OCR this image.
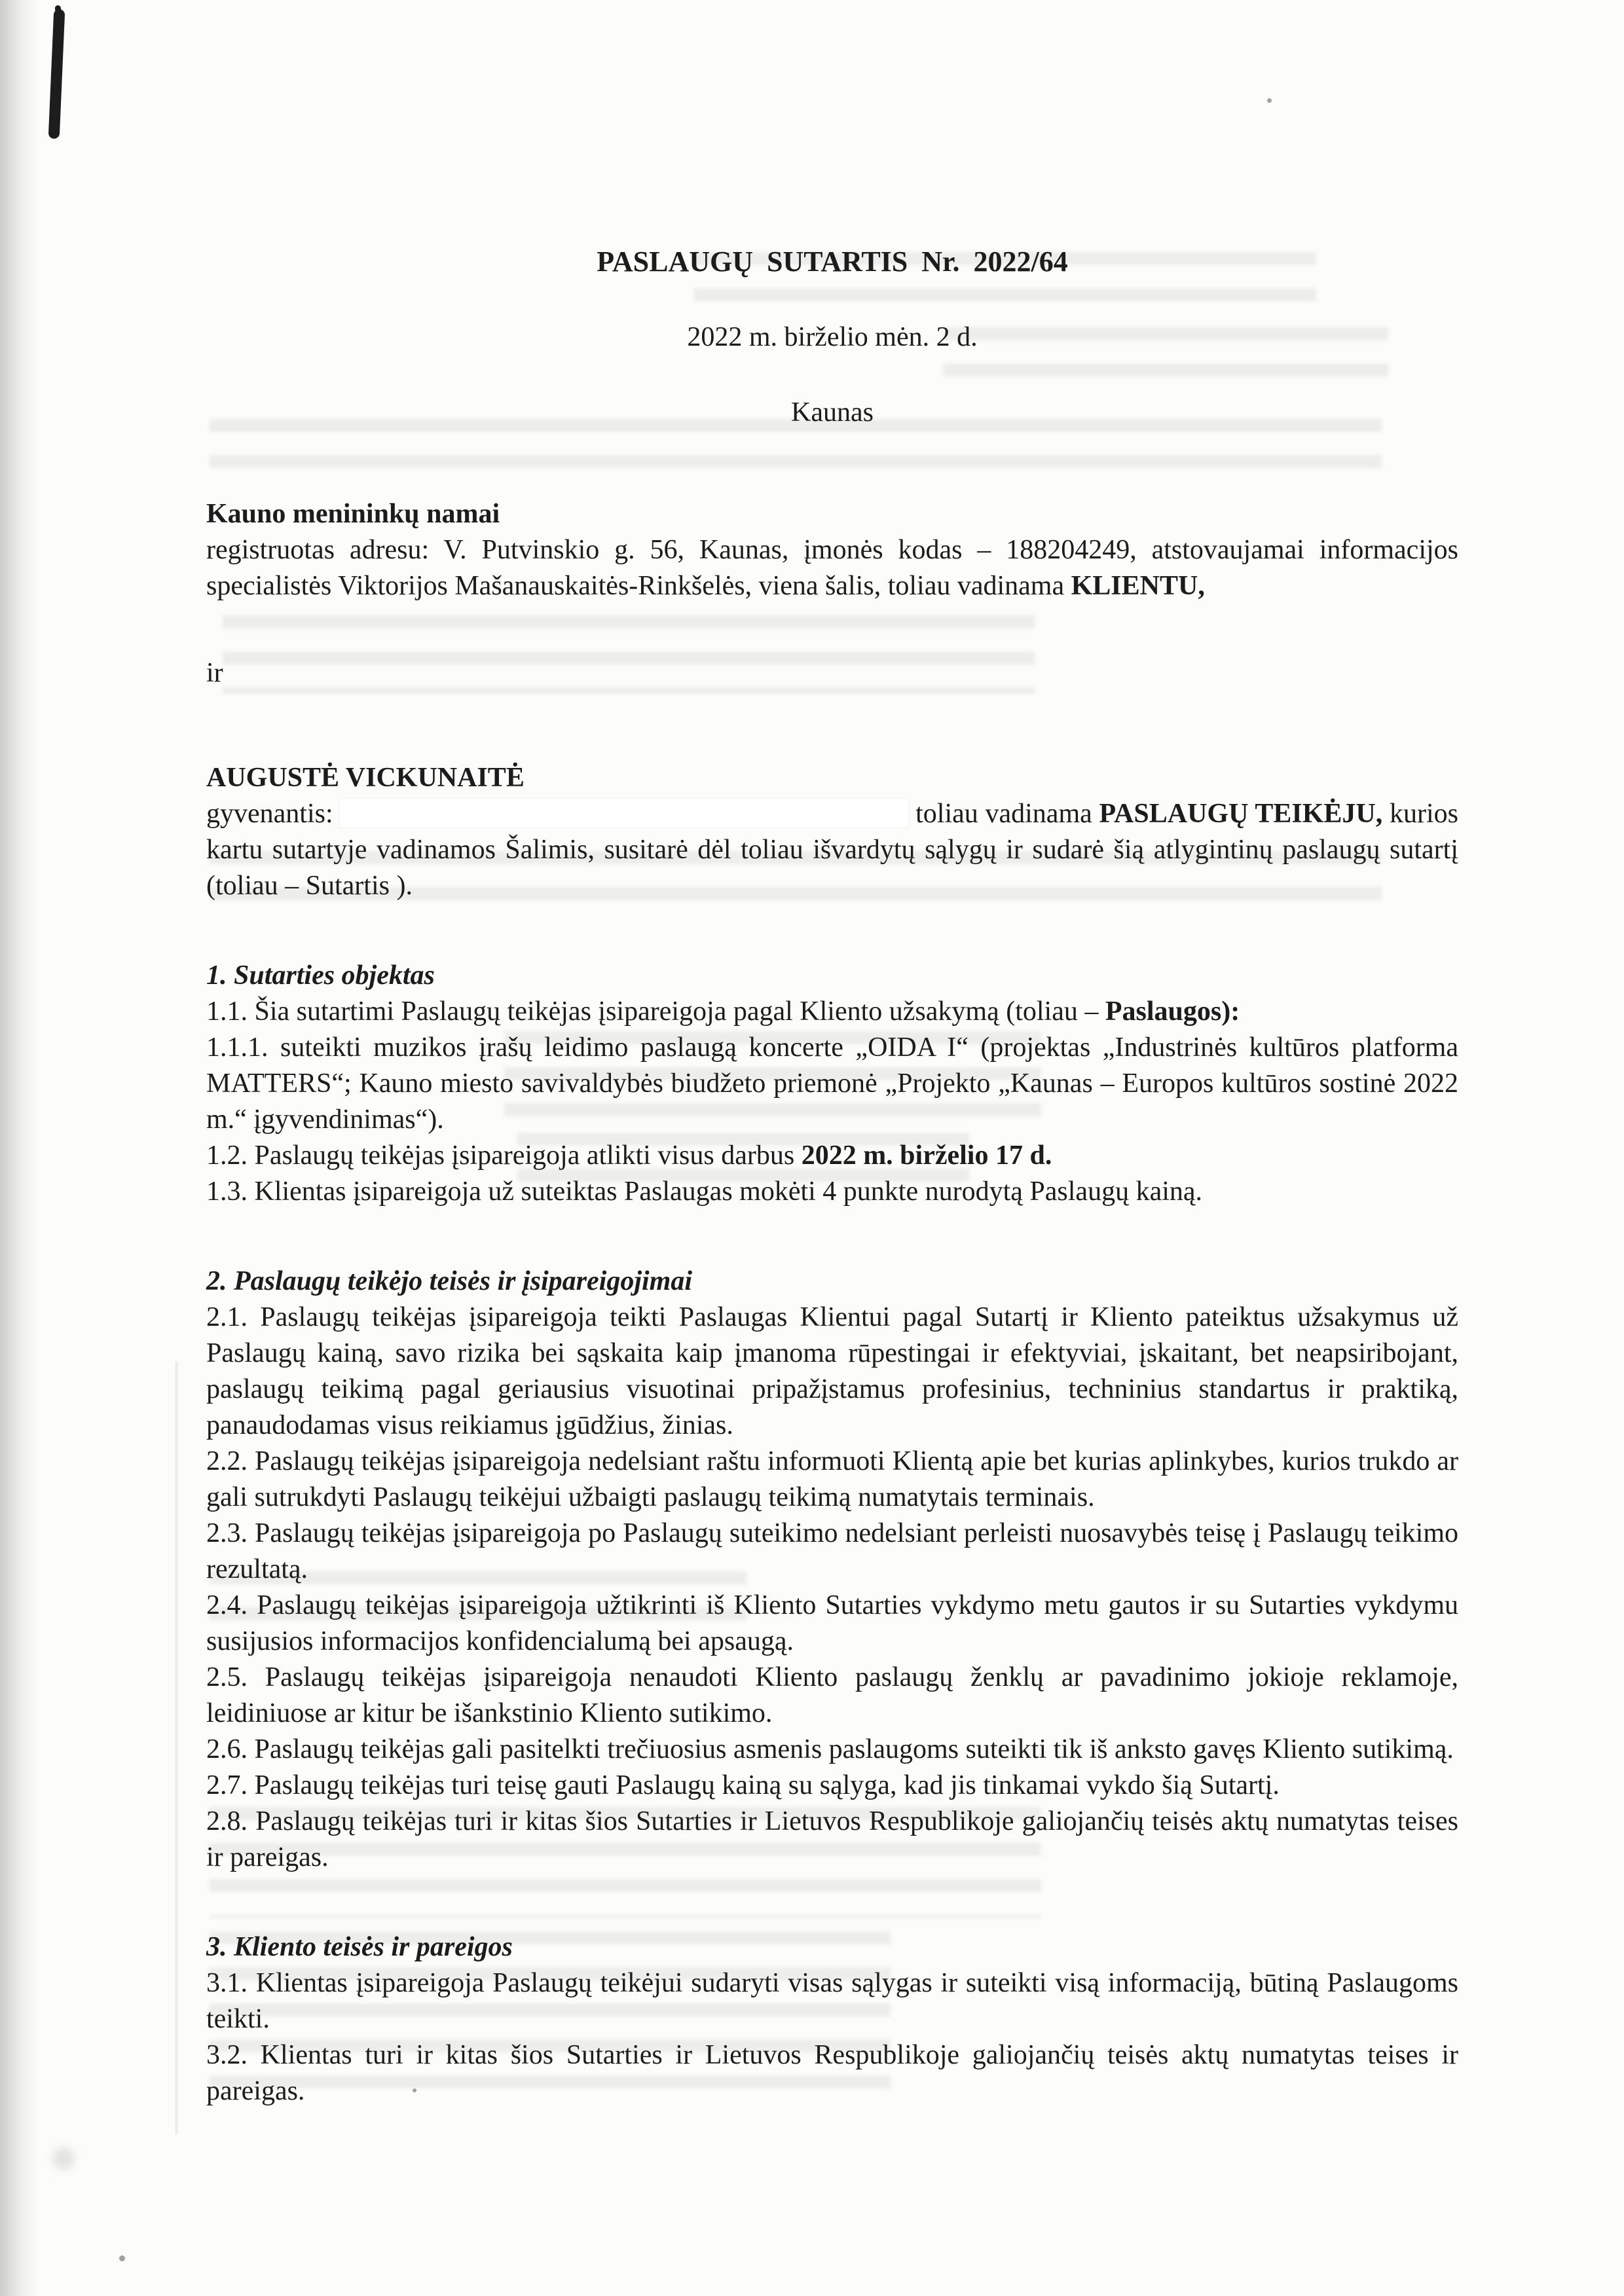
PASLAUGŲ SUTARTIS Nr. 2022/64

2022 m. birželio mėn. 2 d.

Kaunas

Kauno menininkų namai

registruotas adresu: V. Putvinskio g. 56, Kaunas, įmonės kodas – 188204249, atstovaujamai informacijos specialistės Viktorijos Mašanauskaitės-Rinkšelės, viena šalis, toliau vadinama KLIENTU,

ir

AUGUSTĖ VICKUNAITĖ

gyvenantis:	toliau vadinama PASLAUGŲ TEIKĖJU, kurios kartu sutartyje vadinamos Šalimis, susitarė dėl toliau išvardytų sąlygų ir sudarė šią atlygintinų paslaugų sutartį (toliau – Sutartis ).

1. Sutarties objektas

1.1. Šia sutartimi Paslaugų teikėjas įsipareigoja pagal Kliento užsakymą (toliau – Paslaugos):

1.1.1. suteikti muzikos įrašų leidimo paslaugą koncerte „OIDA I“ (projektas „Industrinės kultūros platforma MATTERS“; Kauno miesto savivaldybės biudžeto priemonė „Projekto „Kaunas – Europos kultūros sostinė 2022 m.“ įgyvendinimas“).

1.2. Paslaugų teikėjas įsipareigoja atlikti visus darbus 2022 m. birželio 17 d.

1.3. Klientas įsipareigoja už suteiktas Paslaugas mokėti 4 punkte nurodytą Paslaugų kainą.

2. Paslaugų teikėjo teisės ir įsipareigojimai

2.1. Paslaugų teikėjas įsipareigoja teikti Paslaugas Klientui pagal Sutartį ir Kliento pateiktus užsakymus už Paslaugų kainą, savo rizika bei sąskaita kaip įmanoma rūpestingai ir efektyviai, įskaitant, bet neapsiribojant, paslaugų teikimą pagal geriausius visuotinai pripažįstamus profesinius, techninius standartus ir praktiką, panaudodamas visus reikiamus įgūdžius, žinias.

2.2. Paslaugų teikėjas įsipareigoja nedelsiant raštu informuoti Klientą apie bet kurias aplinkybes, kurios trukdo ar gali sutrukdyti Paslaugų teikėjui užbaigti paslaugų teikimą numatytais terminais.

2.3. Paslaugų teikėjas įsipareigoja po Paslaugų suteikimo nedelsiant perleisti nuosavybės teisę į Paslaugų teikimo rezultatą.

2.4. Paslaugų teikėjas įsipareigoja užtikrinti iš Kliento Sutarties vykdymo metu gautos ir su Sutarties vykdymu susijusios informacijos konfidencialumą bei apsaugą.

2.5. Paslaugų teikėjas įsipareigoja nenaudoti Kliento paslaugų ženklų ar pavadinimo jokioje reklamoje, leidiniuose ar kitur be išankstinio Kliento sutikimo.

2.6. Paslaugų teikėjas gali pasitelkti trečiuosius asmenis paslaugoms suteikti tik iš anksto gavęs Kliento sutikimą.

2.7. Paslaugų teikėjas turi teisę gauti Paslaugų kainą su sąlyga, kad jis tinkamai vykdo šią Sutartį.

2.8. Paslaugų teikėjas turi ir kitas šios Sutarties ir Lietuvos Respublikoje galiojančių teisės aktų numatytas teises ir pareigas.

3. Kliento teisės ir pareigos

3.1. Klientas įsipareigoja Paslaugų teikėjui sudaryti visas sąlygas ir suteikti visą informaciją, būtiną Paslaugoms teikti.

3.2. Klientas turi ir kitas šios Sutarties ir Lietuvos Respublikoje galiojančių teisės aktų numatytas teises ir pareigas.
